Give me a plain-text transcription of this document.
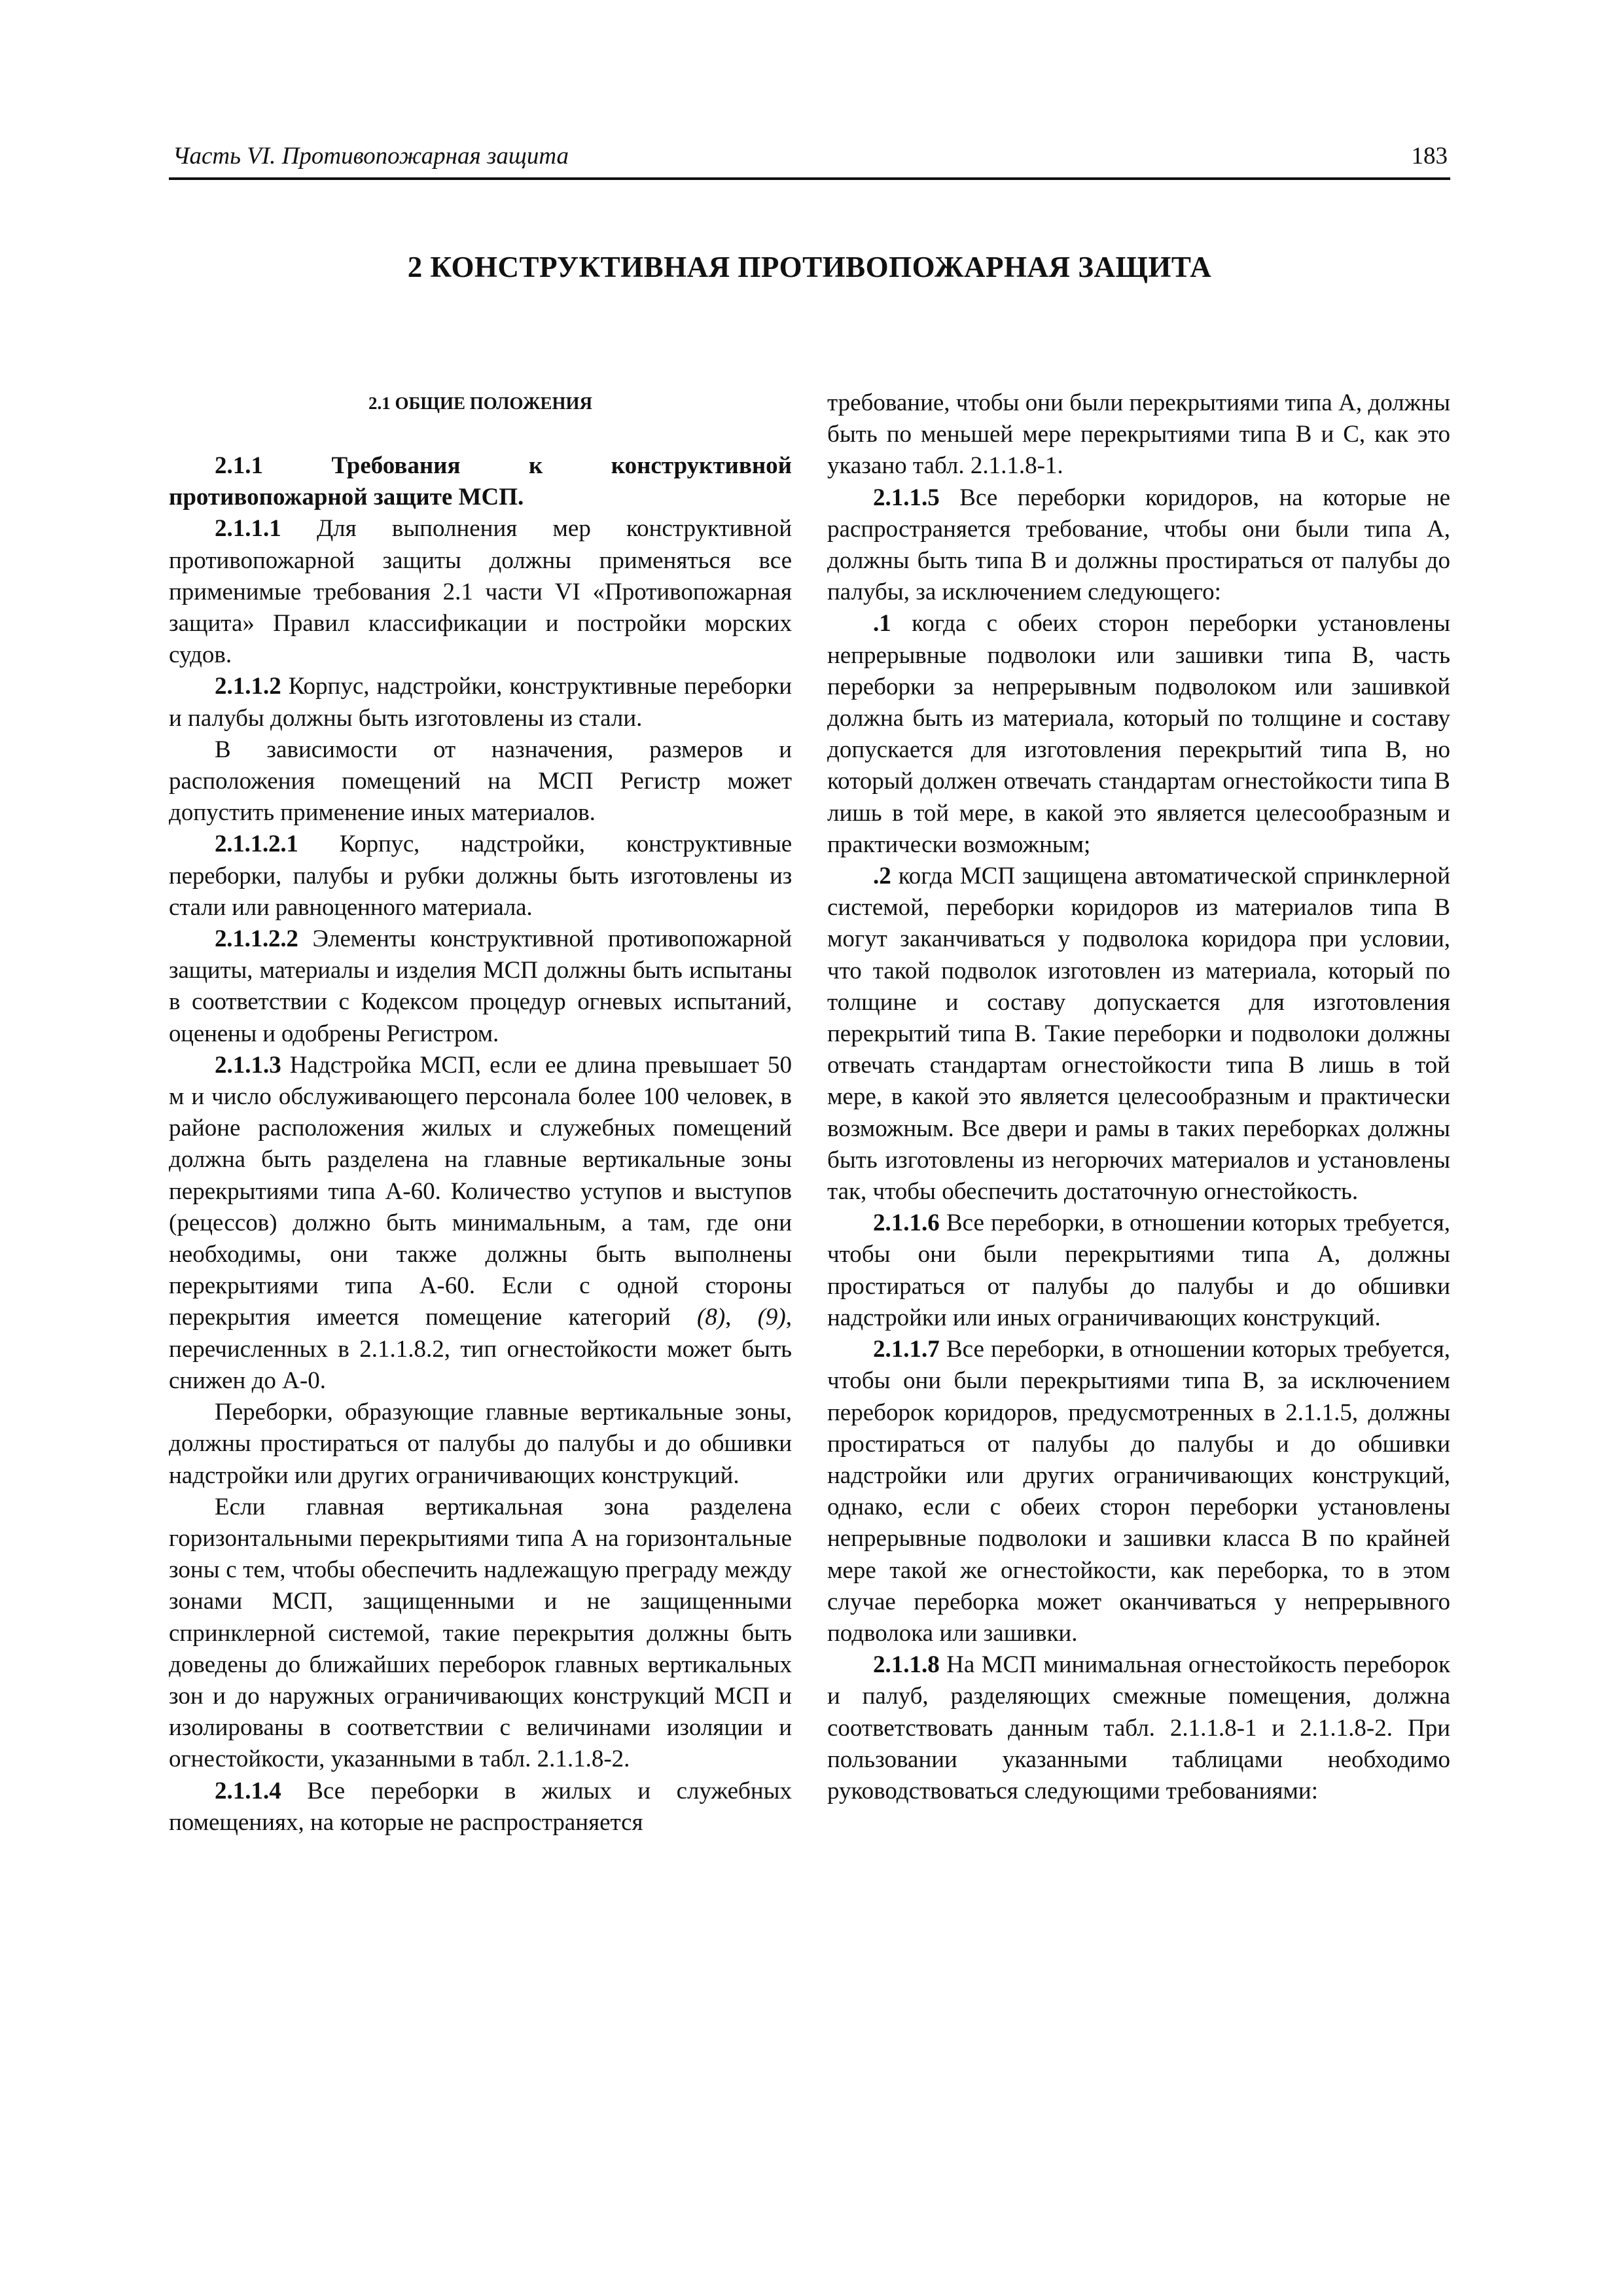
Часть VI. Противопожарная защита	183
2 КОНСТРУКТИВНАЯ ПРОТИВОПОЖАРНАЯ ЗАЩИТА
2.1 ОБЩИЕ ПОЛОЖЕНИЯ

2.1.1	Требования к конструктивной противопожарной защите МСП.

2.1.1.1 Для выполнения мер конструктивной противопожарной защиты должны применяться все применимые требования 2.1 части VI «Противопожарная защита» Правил классификации и постройки морских судов.

2.1.1.2 Корпус, надстройки, конструктивные переборки и палубы должны быть изготовлены из стали.

В зависимости от назначения, размеров и расположения помещений на МСП Регистр может допустить применение иных материалов.

2.1.1.2.1 Корпус, надстройки, конструктивные переборки, палубы и рубки должны быть изготовлены из стали или равноценного материала.

2.1.1.2.2 Элементы конструктивной противопожарной защиты, материалы и изделия МСП должны быть испытаны в соответствии с Кодексом процедур огневых испытаний, оценены и одобрены Регистром.

2.1.1.3 Надстройка МСП, если ее длина превышает 50 м и число обслуживающего персонала более 100 человек, в районе расположения жилых и служебных помещений должна быть разделена на главные вертикальные зоны перекрытиями типа А-60. Количество уступов и выступов (рецессов) должно быть минимальным, а там, где они необходимы, они также должны быть выполнены перекрытиями типа А-60. Если с одной стороны перекрытия имеется помещение категорий (8), (9), перечисленных в 2.1.1.8.2, тип огнестойкости может быть снижен до А-0.

Переборки, образующие главные вертикальные зоны, должны простираться от палубы до палубы и до обшивки надстройки или других ограничивающих конструкций.

Если главная вертикальная зона разделена горизонтальными перекрытиями типа А на горизонтальные зоны с тем, чтобы обеспечить надлежащую преграду между зонами МСП, защищенными и не защищенными спринклерной системой, такие перекрытия должны быть доведены до ближайших переборок главных вертикальных зон и до наружных ограничивающих конструкций МСП и изолированы в соответствии с величинами изоляции и огнестойкости, указанными в табл. 2.1.1.8-2.

2.1.1.4 Все переборки в жилых и служебных помещениях, на которые не распространяется

требование, чтобы они были перекрытиями типа А, должны быть по меньшей мере перекрытиями типа В и С, как это указано табл. 2.1.1.8-1.

2.1.1.5 Все переборки коридоров, на которые не распространяется требование, чтобы они были типа А, должны быть типа В и должны простираться от палубы до палубы, за исключением следующего:

.1 когда с обеих сторон переборки установлены непрерывные подволоки или зашивки типа В, часть переборки за непрерывным подволоком или зашивкой должна быть из материала, который по толщине и составу допускается для изготовления перекрытий типа В, но который должен отвечать стандартам огнестойкости типа В лишь в той мере, в какой это является целесообразным и практически возможным;

.2 когда МСП защищена автоматической спринклерной системой, переборки коридоров из материалов типа В могут заканчиваться у подволока коридора при условии, что такой подволок изготовлен из материала, который по толщине и составу допускается для изготовления перекрытий типа В. Такие переборки и подволоки должны отвечать стандартам огнестойкости типа В лишь в той мере, в какой это является целесообразным и практически возможным. Все двери и рамы в таких переборках должны быть изготовлены из негорючих материалов и установлены так, чтобы обеспечить достаточную огнестойкость.

2.1.1.6 Все переборки, в отношении которых требуется, чтобы они были перекрытиями типа А, должны простираться от палубы до палубы и до обшивки надстройки или иных ограничивающих конструкций.

2.1.1.7 Все переборки, в отношении которых требуется, чтобы они были перекрытиями типа В, за исключением переборок коридоров, предусмотренных в 2.1.1.5, должны простираться от палубы до палубы и до обшивки надстройки или других ограничивающих конструкций, однако, если с обеих сторон переборки установлены непрерывные подволоки и зашивки класса В по крайней мере такой же огнестойкости, как переборка, то в этом случае переборка может оканчиваться у непрерывного подволока или зашивки.

2.1.1.8 На МСП минимальная огнестойкость переборок и палуб, разделяющих смежные помещения, должна соответствовать данным табл. 2.1.1.8-1 и 2.1.1.8-2. При пользовании указанными таблицами необходимо руководствоваться следующими требованиями:
